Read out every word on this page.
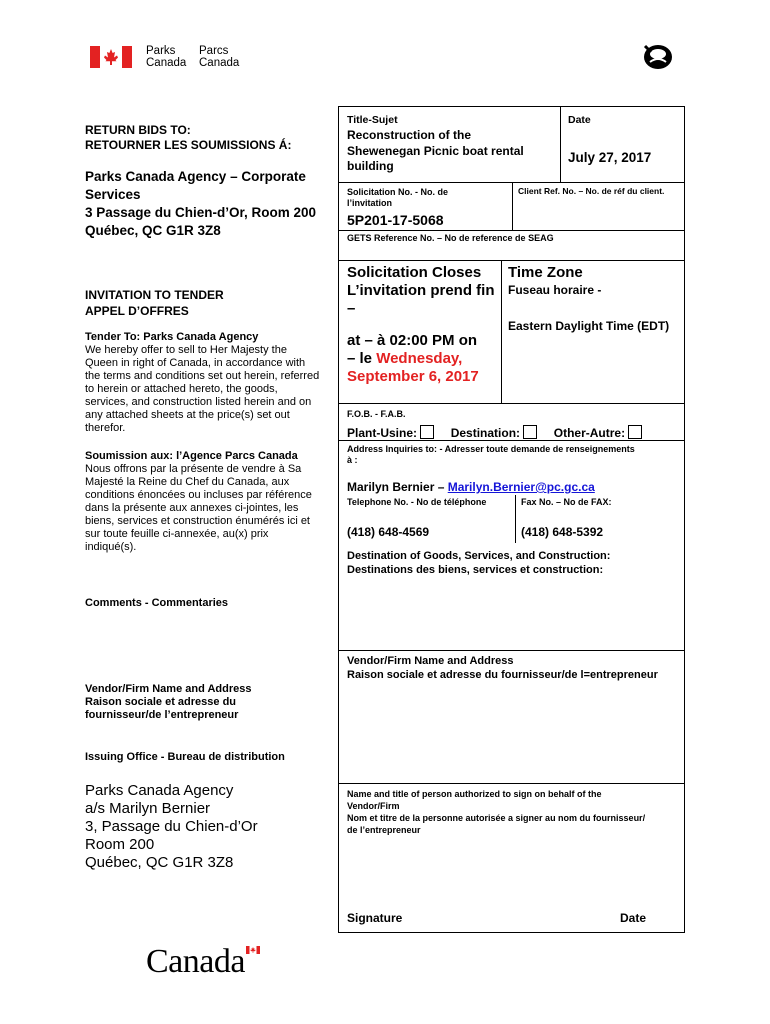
Parks
Canada
Parcs
Canada
RETURN BIDS TO:
RETOURNER LES SOUMISSIONS Á:
Parks Canada Agency – Corporate
Services
3 Passage du Chien-d’Or, Room 200
Québec, QC G1R 3Z8
INVITATION TO TENDER
APPEL D’OFFRES
Tender To: Parks Canada Agency
We hereby offer to sell to Her Majesty the
Queen in right of Canada, in accordance with
the terms and conditions set out herein, referred
to herein or attached hereto, the goods,
services, and construction listed herein and on
any attached sheets at the price(s) set out
therefor.
Soumission aux: l’Agence Parcs Canada
Nous offrons par la présente de vendre à Sa
Majesté la Reine du Chef du Canada, aux
conditions énoncées ou incluses par référence
dans la présente aux annexes ci-jointes, les
biens, services et construction énumérés ici et
sur toute feuille ci-annexée, au(x) prix
indiqué(s).
Comments - Commentaries
Vendor/Firm Name and Address
Raison sociale et adresse du
fournisseur/de l’entrepreneur
Issuing Office - Bureau de distribution
Parks Canada Agency
a/s Marilyn Bernier
3, Passage du Chien-d’Or
Room 200
Québec, QC G1R 3Z8
Title-Sujet
Reconstruction of the
Shewenegan Picnic boat rental
building
Date
July 27, 2017
Solicitation No. - No. de
l’invitation
5P201-17-5068
Client Ref. No. – No. de réf du client.
GETS Reference No. – No de reference de SEAG
Solicitation Closes
L’invitation prend fin
–
at – à 02:00 PM on
– le Wednesday,
September 6, 2017
Time Zone
Fuseau horaire -
Eastern Daylight Time (EDT)
F.O.B. - F.A.B.
Plant-Usine:	Destination:	Other-Autre:
Address Inquiries to: - Adresser toute demande de renseignements
à :
Marilyn Bernier – Marilyn.Bernier@pc.gc.ca
Telephone No. - No de téléphone	Fax No. – No de FAX:
(418) 648-4569	(418) 648-5392
Destination of Goods, Services, and Construction:
Destinations des biens, services et construction:
Vendor/Firm Name and Address
Raison sociale et adresse du fournisseur/de l=entrepreneur
Name and title of person authorized to sign on behalf of the
Vendor/Firm
Nom et titre de la personne autorisée a signer au nom du fournisseur/
de l’entrepreneur
Signature	Date
Canada
